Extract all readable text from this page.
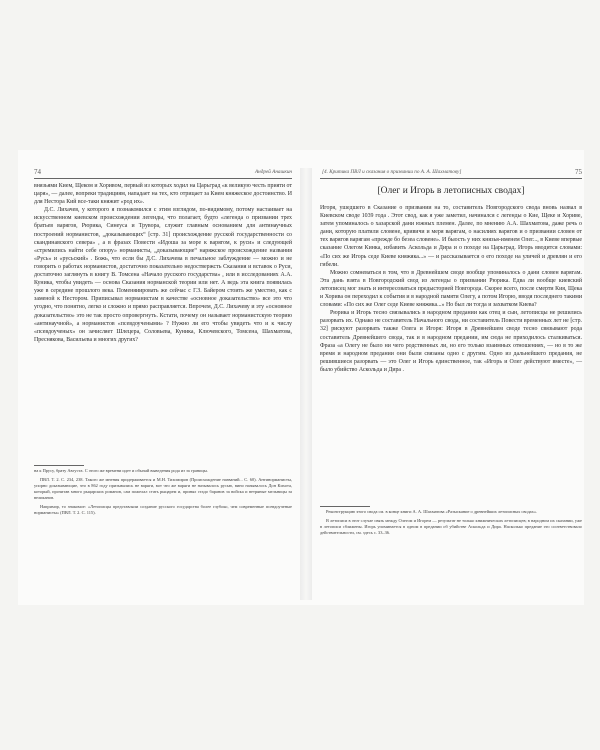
74	Андрей Анашкин

внязьями Кием, Щеком и Хоривом, первый из которых ходил на Царьград «к великую честь прияти от царя», — далее, вопреки традициям, нападает на тех, кто отрицает за Кием княжеское достоинство. И для Нестора Кий все-таки княжит «род их».

Д.С. Лихачев, у которого я познакомился с этим взглядом, по-видимому, потому настаивает на искусственном киевском происхождении легенды, что полагает, будто «легенда о призвании трех братьев варягов, Рюрика, Синеуса и Трувора, служит главным основанием для антинаучных построений норманистов, „доказывающих“ [стр. 31] происхождение русской государственности со скандинавского севера» , а в фразах Повести «Идоша за море к варягом, к руси» и следующей «стремились найти себе опору» норманисты, „доказывающие“ наряжское происхождение названия «Русь» и «русьский» . Божь, что если бы Д.С. Лихачева в печальное заблуждение — можно и не говорить о работах норманистов, достаточно показательно недоствержсть Сказания и вставок о Руси, достаточно заглянуть в книгу В. Томсена «Начало русского государства» , или в исследованиях А.А. Куника, чтобы увидеть — основа Сказания норманской теории или нет. А ведь эта книга появилась уже в середине прошлого века. Поменяиировать же сейчас с Г.З. Байером стоить же уместно, как с заменой к Нестором. Приписывал норманистам в качестве «основное доказательство» все это что угодно, что понятно, легко и сложно и прямо расправляется. Впрочем, Д.С. Лихачеву и эту «основное доказательство» это не так просто опровергнуть. Кстати, почему он называет норманистскую теорию «антинаучной», а норманистов «псевдоучеными» ? Нужно ли его чтобы увидеть что и к числу «псевдоученых» он зачисляет Шлецера, Соловьева, Куника, Ключевского, Томсена, Шахматова, Преснякова, Васильева и многих других?

на к Прусу, брату Августа. С этого же времени идет и обычай выведения рода из за границы.

ПВЛ. Т. 2. С. 234, 238. Такого же мнения придерживается и М.Н. Тихомиров (Происхождение названий... С. 60). Антинорманисты, упорно доказывающие, что в 862 году призывались не варяги, вот что же варяги не называлось русью, вино называлось Дон Кихота, который, прочитав много рыцарских романов, сам пожелал стать рыцарем и, принял стадо баранов за войска и ветряные мельницы за великанов.

Напримэр, то знакомое: «Летописцы представляли создание русского государства более глубоко, чем современные псевдоученые норманисты» (ПВЛ. Т. 2. С. 115).

[4. Критика ПВЛ и сказания о призвании по А. А. Шахматову]	75
[Олег и Игорь в летописных сводах]

Игоря, ушедшего в Сказание о призвании на то, составитель Новгородского свода вновь назвал в Киевском своде 1039 года . Этот свод, как я уже заметил, начинался с легенды о Кие, Щеке и Хориве, затем упоминалось о хазарской дани южных племен. Далее, по мнению А.А. Шахматова, даже речь о дани, которую платили словене, кривичи и меря варягам, о насилиях варягов и о призвании словен от тех варягов варягам «прежде бо безеа словене». И быость у них князья-именем Олег..., в Киеве впервые сказание Олегом Кинка, избавить Аскольда и Дира и о походе на Царьград. Игорь вводится словами: «По сих же Игорь седе Киеве княжяка...» — и рассказывается о его походе на уличей и древлян и его гибели.

Можно сомневаться в том, что в Древнейшем своде вообще упоминалось о дани словен варягам. Эта дань взята в Новгородский свод из легенды о призвании Рюрика. Едва ли вообще киевский летописец мог знать и интересоваться предысторией Новгорода. Скорее всего, после смерти Кия, Щека и Хорива он переходил к события и в народной памяти Олегу, а потом Игорю, вводя последнего такими словами: «По сих же Олег седе Киеве княжяка...» Но был ли тогда и захватком Киева?

Рюрика и Игорь тесно связывались в народном предании как отец и сын, летописцы не решились разорвать их. Однако не составитель Начального свода, ни составитель Повести временных лет не [стр. 32] рискуют разорвать также Олега и Игоря: Игоря в Древнейшем своде тесно связывают рода составитель Древнейшего свода, так и в народном предании, им сюда не приходилось сталкиваться. Фраза «а Олегу не было ни чего родственных ли, но его только взаимных отношениях, — но в то же время и народном предании они были связаны одно с другим. Одно из дальнейшего предания, не решившиеся разорвать — это Олег и Игорь единственное, так «Игорь и Олег действуют вместе», — было убийство Аскольда и Дира .

Реконструкцию этого свода см. в конце книги А. А. Шахматова «Разыскание о древнейших летописных сводах».

В летописи в этот случае связь между Олегом и Игорем — результат не только книжнических летописцев; в народном их сказании, уже в летописи сближены. Игорь упоминается в одном в предании об убийстве Аскольда и Дира. Насколько предание это соответствовало действительности, см. здесь с. 33–36.
